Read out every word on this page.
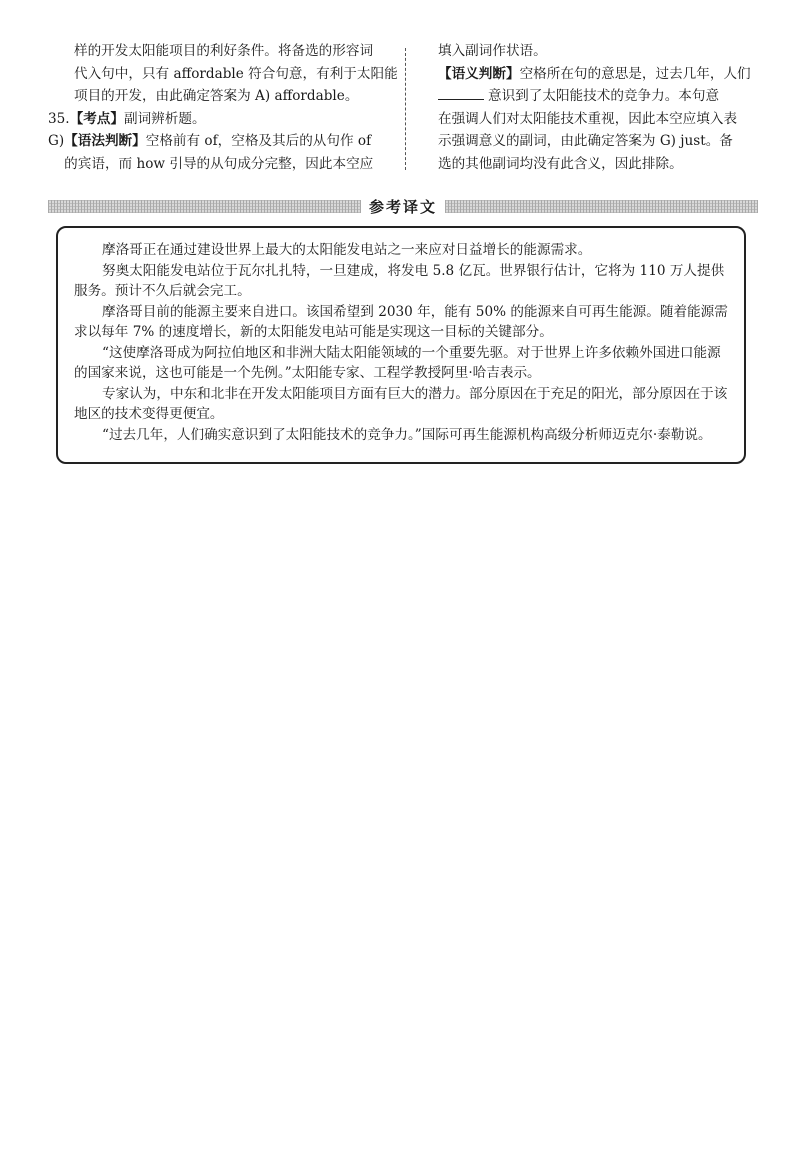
样的开发太阳能项目的利好条件。将备选的形容词

代入句中，只有 affordable 符合句意，有利于太阳能

项目的开发，由此确定答案为 A) affordable。

35.【考点】副词辨析题。

G) 【语法判断】空格前有 of，空格及其后的从句作 of

的宾语，而 how 引导的从句成分完整，因此本空应

填入副词作状语。

【语义判断】空格所在句的意思是，过去几年，人们

意识到了太阳能技术的竞争力。本句意

在强调人们对太阳能技术重视，因此本空应填入表

示强调意义的副词，由此确定答案为 G) just。备

选的其他副词均没有此含义，因此排除。

参考译文

摩洛哥正在通过建设世界上最大的太阳能发电站之一来应对日益增长的能源需求。

努奥太阳能发电站位于瓦尔扎扎特，一旦建成，将发电 5.8 亿瓦。世界银行估计，它将为 110 万人提供服务。预计不久后就会完工。

摩洛哥目前的能源主要来自进口。该国希望到 2030 年，能有 50% 的能源来自可再生能源。随着能源需求以每年 7% 的速度增长，新的太阳能发电站可能是实现这一目标的关键部分。

“这使摩洛哥成为阿拉伯地区和非洲大陆太阳能领域的一个重要先驱。对于世界上许多依赖外国进口能源的国家来说，这也可能是一个先例。”太阳能专家、工程学教授阿里·哈吉表示。

专家认为，中东和北非在开发太阳能项目方面有巨大的潜力。部分原因在于充足的阳光，部分原因在于该地区的技术变得更便宜。

“过去几年，人们确实意识到了太阳能技术的竞争力。”国际可再生能源机构高级分析师迈克尔·泰勒说。
